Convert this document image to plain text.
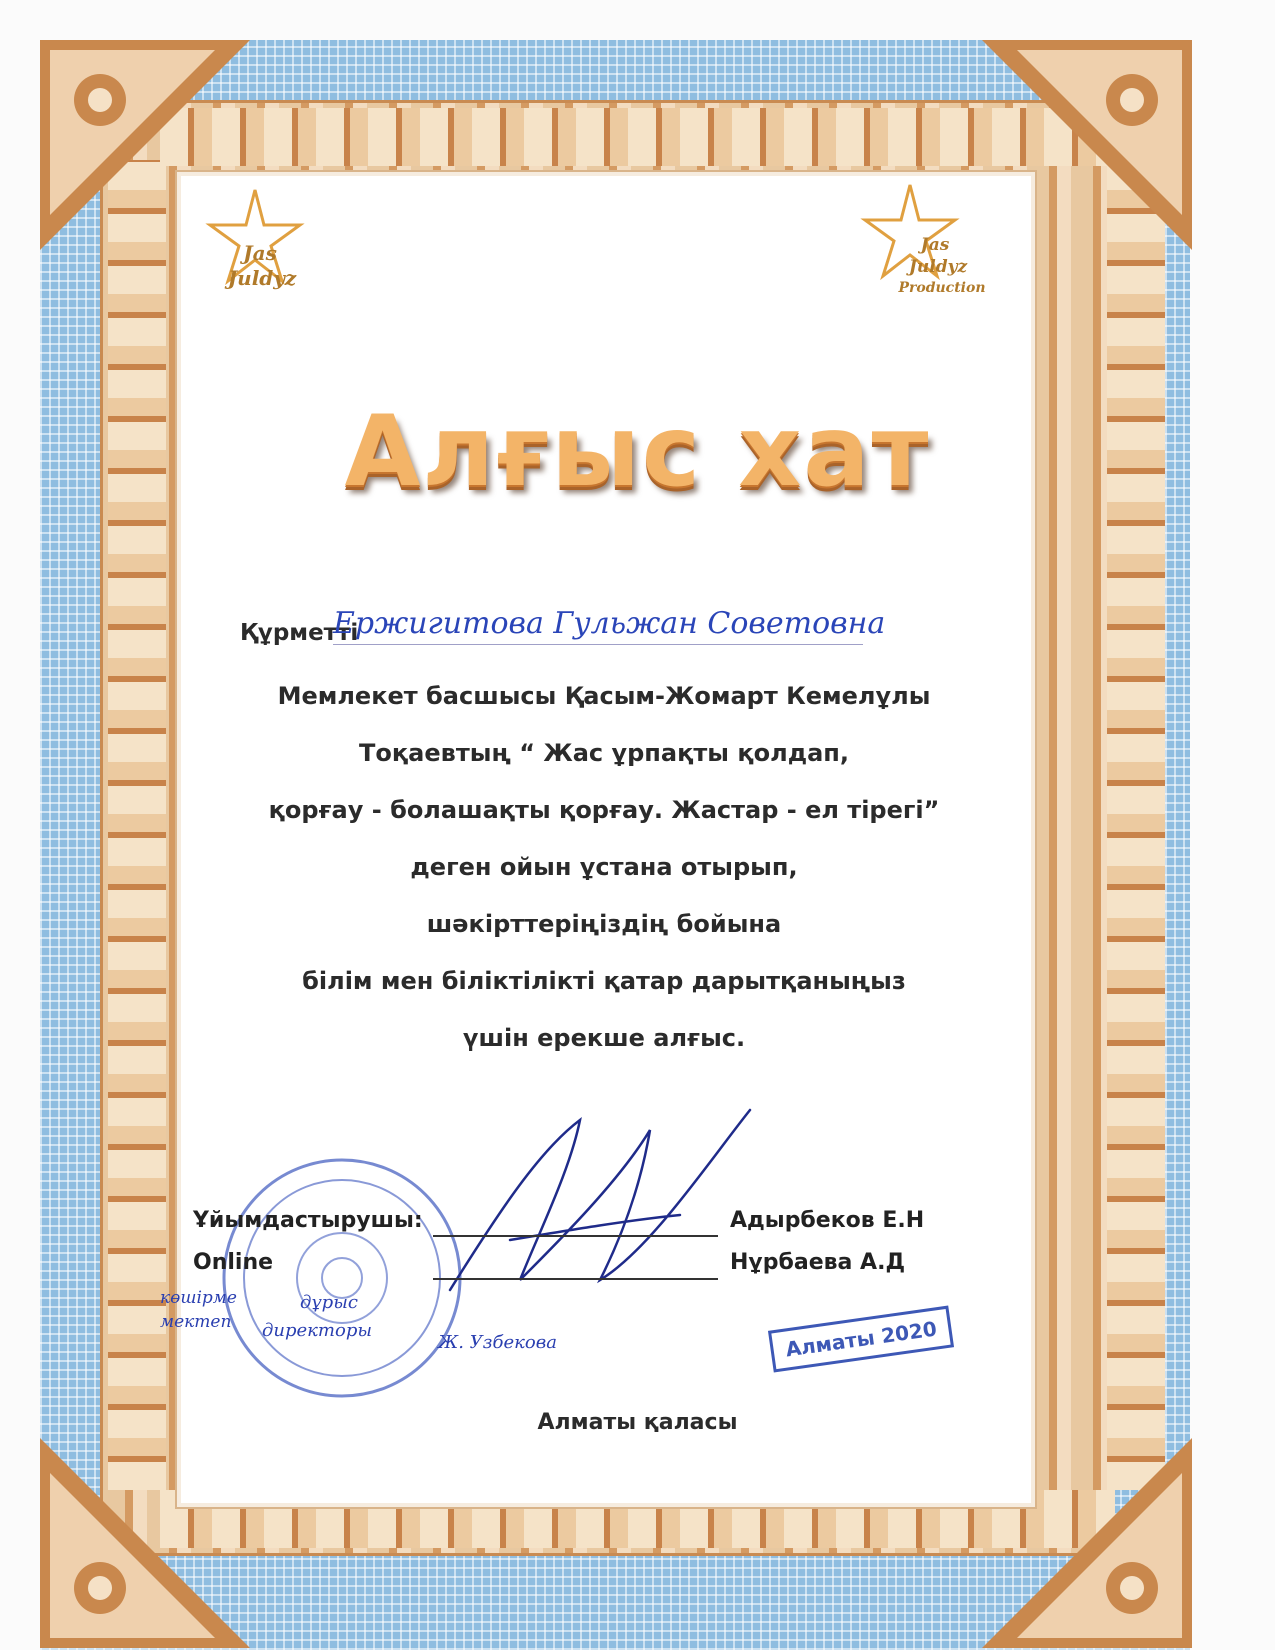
Jas
Juldyz
Jas
Juldyz
Production
Алғыс хат
Құрметті
Ержигитова Гульжан Советовна
Мемлекет басшысы Қасым-Жомарт Кемелұлы
Тоқаевтың “ Жас ұрпақты қолдап,
қорғау - болашақты қорғау. Жастар - ел тірегі”
деген ойын ұстана отырып,
шәкірттеріңіздің бойына
білім мен біліктілікті қатар дарытқаныңыз
үшін ерекше алғыс.
Ұйымдастырушы:	Адырбеков Е.Н
Online	Нұрбаева А.Д
көшірме
мектеп
дұрыс
директоры
Ж. Узбекова	Алматы 2020
Алматы қаласы
